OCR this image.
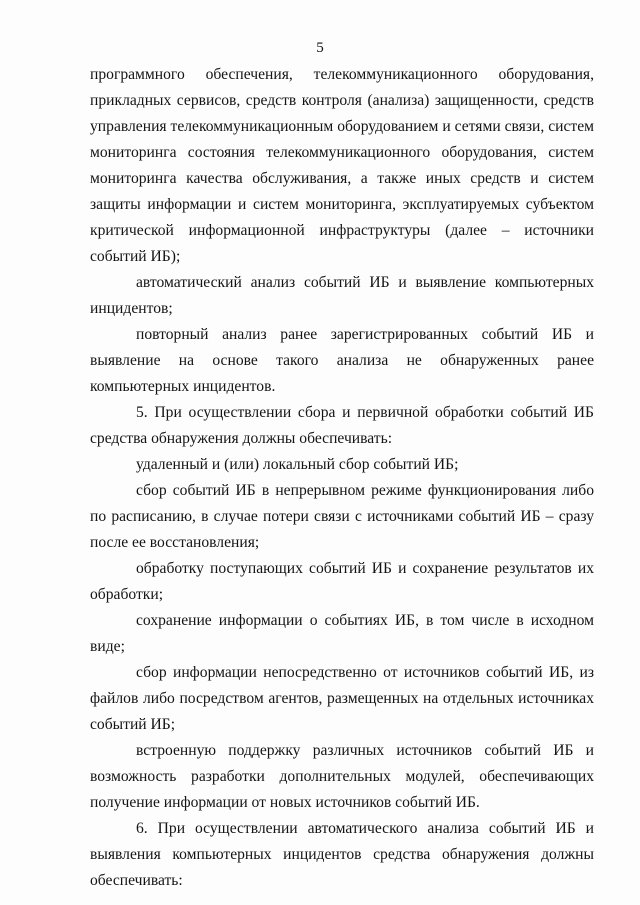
5

программного обеспечения, телекоммуникационного оборудования, прикладных сервисов, средств контроля (анализа) защищенности, средств управления телекоммуникационным оборудованием и сетями связи, систем мониторинга состояния телекоммуникационного оборудования, систем мониторинга качества обслуживания, а также иных средств и систем защиты информации и систем мониторинга, эксплуатируемых субъектом критической информационной инфраструктуры (далее – источники событий ИБ);

автоматический анализ событий ИБ и выявление компьютерных инцидентов;

повторный анализ ранее зарегистрированных событий ИБ и выявление на основе такого анализа не обнаруженных ранее компьютерных инцидентов.

5. При осуществлении сбора и первичной обработки событий ИБ средства обнаружения должны обеспечивать:

удаленный и (или) локальный сбор событий ИБ;

сбор событий ИБ в непрерывном режиме функционирования либо по расписанию, в случае потери связи с источниками событий ИБ – сразу после ее восстановления;

обработку поступающих событий ИБ и сохранение результатов их обработки;

сохранение информации о событиях ИБ, в том числе в исходном виде;

сбор информации непосредственно от источников событий ИБ, из файлов либо посредством агентов, размещенных на отдельных источниках событий ИБ;

встроенную поддержку различных источников событий ИБ и возможность разработки дополнительных модулей, обеспечивающих получение информации от новых источников событий ИБ.

6. При осуществлении автоматического анализа событий ИБ и выявления компьютерных инцидентов средства обнаружения должны обеспечивать:
